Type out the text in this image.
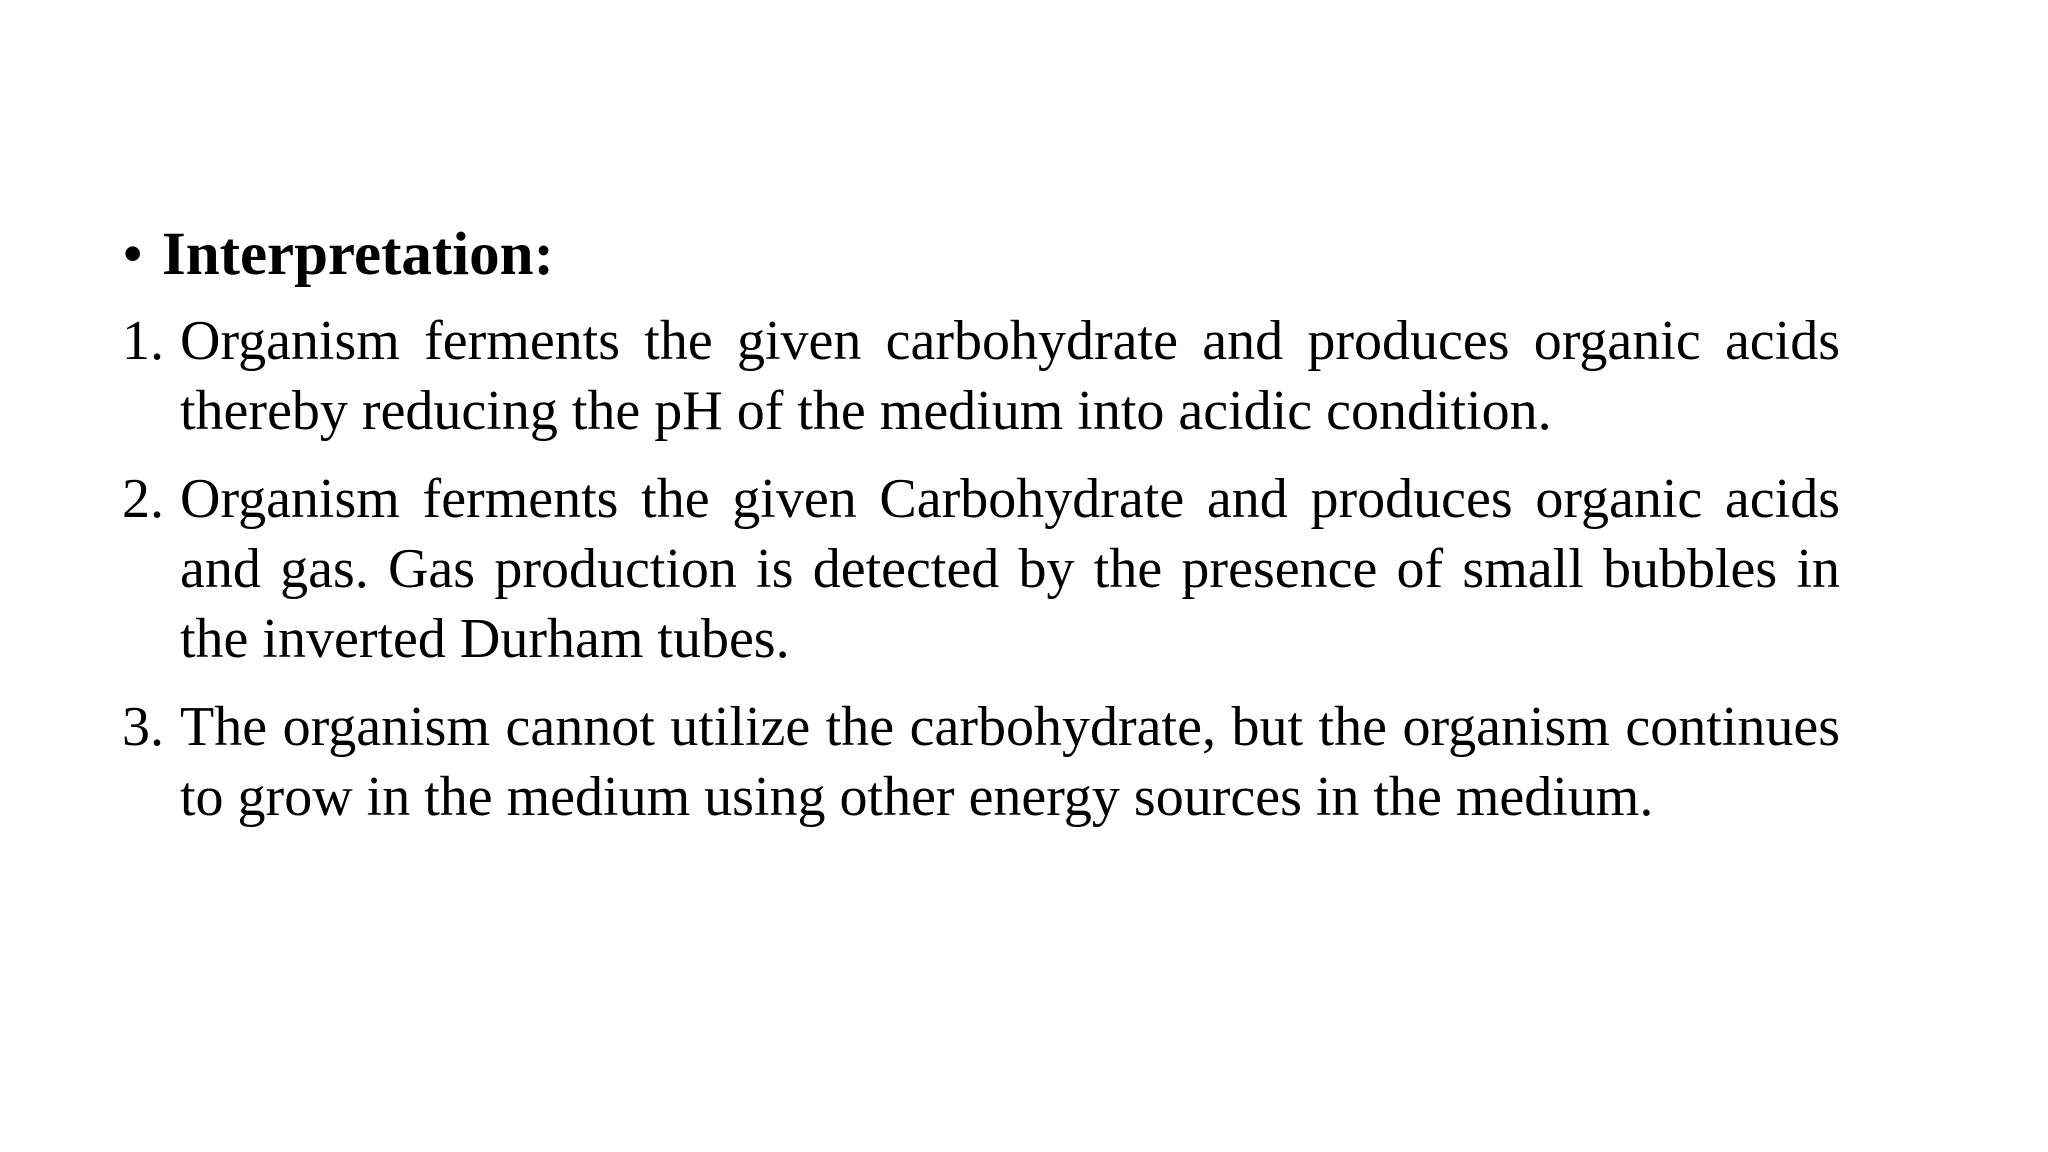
• Interpretation:
1. Organism ferments the given carbohydrate and produces organic acids thereby reducing the pH of the medium into acidic condition.
2. Organism ferments the given Carbohydrate and produces organic acids and gas. Gas production is detected by the presence of small bubbles in the inverted Durham tubes.
3. The organism cannot utilize the carbohydrate, but the organism continues to grow in the medium using other energy sources in the medium.
